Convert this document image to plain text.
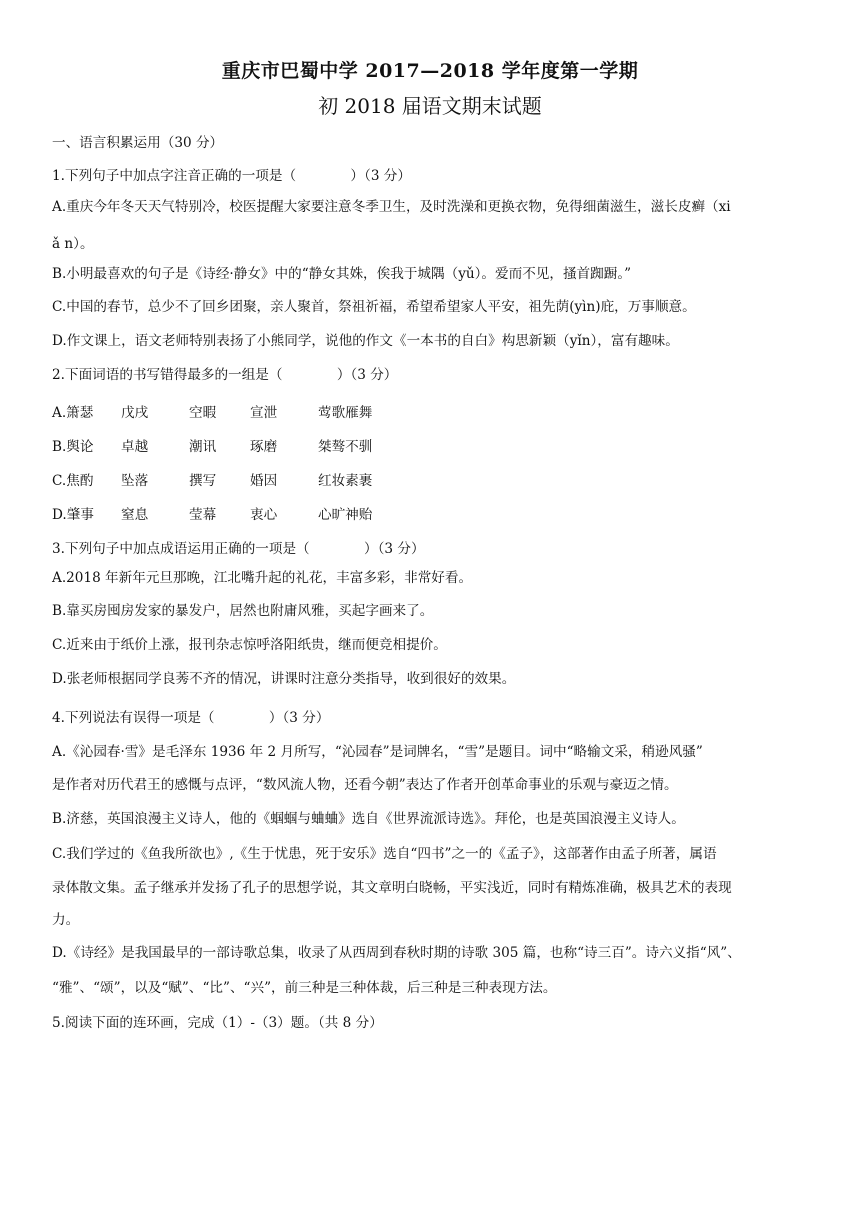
重庆市巴蜀中学 2017—2018 学年度第一学期
初 2018 届语文期末试题
一、语言积累运用（30 分）
1.下列句子中加点字注音正确的一项是（　　　　）（3 分）
A.重庆今年冬天天气特别冷，校医提醒大家要注意冬季卫生，及时洗澡和更换衣物，免得细菌滋生，滋长皮癣（xi
ǎ n）。
B.小明最喜欢的句子是《诗经·静女》中的“静女其姝，俟我于城隅（yǔ）。爱而不见，搔首踟蹰。”
C.中国的春节，总少不了回乡团聚，亲人聚首，祭祖祈福，希望希望家人平安，祖先荫(yìn)庇，万事顺意。
D.作文课上，语文老师特别表扬了小熊同学，说他的作文《一本书的自白》构思新颖（yǐn），富有趣味。
2.下面词语的书写错得最多的一组是（　　　　）（3 分）
A.箫瑟 戊戌	空暇 宣泄	莺歌雁舞
B.舆论 卓越	潮讯 琢磨	桀骜不驯
C.焦酌 坠落	撰写 婚因	红妆素裹
D.肇事 窒息	莹幕 衷心	心旷神贻
3.下列句子中加点成语运用正确的一项是（　　　　）（3 分）
A.2018 年新年元旦那晚，江北嘴升起的礼花，丰富多彩，非常好看。
B.靠买房囤房发家的暴发户，居然也附庸风雅，买起字画来了。
C.近来由于纸价上涨，报刊杂志惊呼洛阳纸贵，继而便竞相提价。
D.张老师根据同学良莠不齐的情况，讲课时注意分类指导，收到很好的效果。
4.下列说法有误得一项是（　　　　）（3 分）
A.《沁园春·雪》是毛泽东 1936 年 2 月所写，“沁园春”是词牌名，“雪”是题目。词中“略输文采，稍逊风骚”
是作者对历代君王的感慨与点评，“数风流人物，还看今朝”表达了作者开创革命事业的乐观与豪迈之情。
B.济慈，英国浪漫主义诗人，他的《蝈蝈与蛐蛐》选自《世界流派诗选》。拜伦，也是英国浪漫主义诗人。
C.我们学过的《鱼我所欲也》,《生于忧患，死于安乐》选自“四书”之一的《孟子》，这部著作由孟子所著，属语
录体散文集。孟子继承并发扬了孔子的思想学说，其文章明白晓畅，平实浅近，同时有精炼准确，极具艺术的表现
力。
D.《诗经》是我国最早的一部诗歌总集，收录了从西周到春秋时期的诗歌 305 篇，也称“诗三百”。诗六义指“风”、
“雅”、“颂”，以及“赋”、“比”、“兴”，前三种是三种体裁，后三种是三种表现方法。
5.阅读下面的连环画，完成（1）-（3）题。（共 8 分）
